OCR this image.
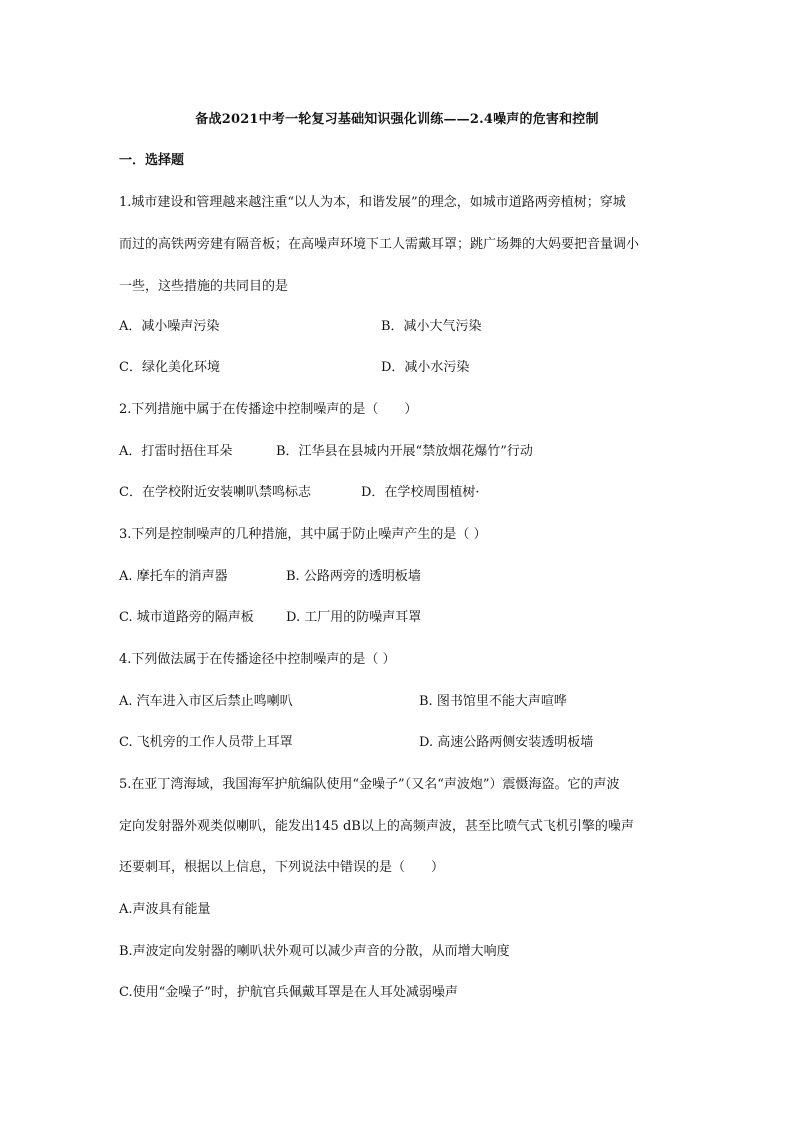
备战2021中考一轮复习基础知识强化训练——2.4噪声的危害和控制
一．选择题
1.城市建设和管理越来越注重“以人为本，和谐发展”的理念，如城市道路两旁植树；穿城
而过的高铁两旁建有隔音板；在高噪声环境下工人需戴耳罩；跳广场舞的大妈要把音量调小
一些，这些措施的共同目的是
A．减小噪声污染	B．减小大气污染
C．绿化美化环境	D．减小水污染
2.下列措施中属于在传播途中控制噪声的是（　　）
A．打雷时捂住耳朵	B．江华县在县城内开展“禁放烟花爆竹”行动
C．在学校附近安装喇叭禁鸣标志	D．在学校周围植树·
3.下列是控制噪声的几种措施，其中属于防止噪声产生的是（ ）
A. 摩托车的消声器	B. 公路两旁的透明板墙
C. 城市道路旁的隔声板 D. 工厂用的防噪声耳罩
4.下列做法属于在传播途径中控制噪声的是（ ）
A. 汽车进入市区后禁止鸣喇叭	B. 图书馆里不能大声喧哗
C. 飞机旁的工作人员带上耳罩	D. 高速公路两侧安装透明板墙
5.在亚丁湾海域，我国海军护航编队使用“金噪子”（又名“声波炮”）震慑海盗。它的声波
定向发射器外观类似喇叭，能发出145 dB以上的高频声波，甚至比喷气式飞机引擎的噪声
还要刺耳，根据以上信息，下列说法中错误的是（　　）
A.声波具有能量
B.声波定向发射器的喇叭状外观可以减少声音的分散，从而增大响度
C.使用“金噪子”时，护航官兵佩戴耳罩是在人耳处减弱噪声
